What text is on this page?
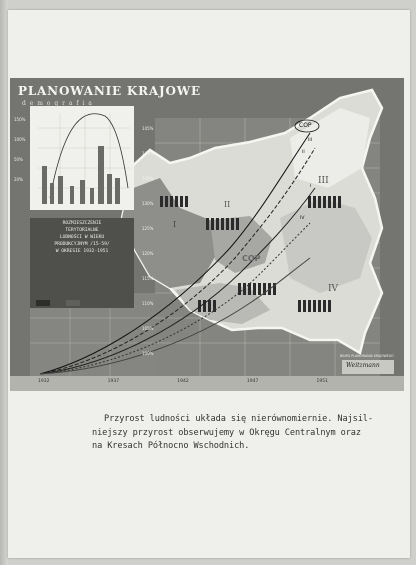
PLANOWANIE KRAJOWE
d e m o g r a f i a
ROZMIESZCZENIE
TERYTORIALNE
LUDNOŚCI W WIEKU
PRODUKCYJNYM /15-59/
W OKRESIE 1932-1951
150%
100%
50%
20%
145%
140%
135%
130%
125%
120%
115%
110%
105%
100%
1932	1937	1942	1947	1951
III
II
I
IV
COP
COP
III
II
I
IV
Weitzmann
BIURO PLANOWANIA KRAJOWEGO
Przyrost ludności układa się nierównomiernie. Najsil-
niejszy przyrost obserwujemy w Okręgu Centralnym oraz
na Kresach Północno Wschodnich.
